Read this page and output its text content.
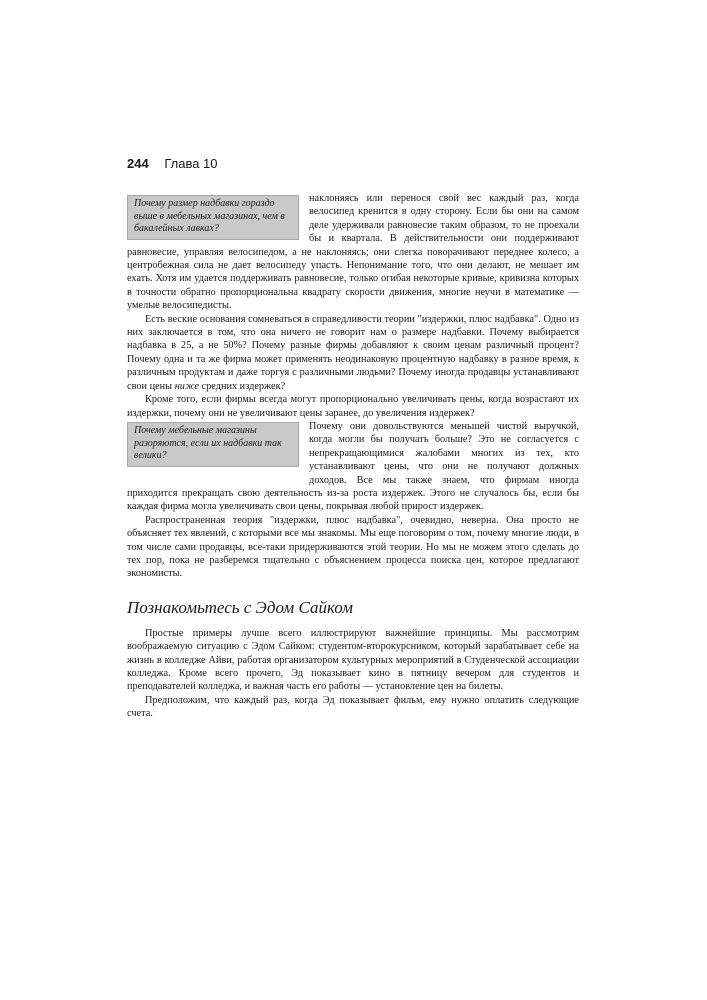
244 Глава 10
Почему размер надбавки гораздо выше в мебельных магазинах, чем в бакалейных лавках?

наклоняясь или перенося свой вес каждый раз, когда велосипед кренится в одну сторону. Если бы они на самом деле удерживали равновесие таким образом, то не проехали бы и квартала. В действительности они поддерживают равновесие, управляя велосипедом, а не наклоняясь; они слегка поворачивают переднее колесо, а центробежная сила не дает велосипеду упасть. Непонимание того, что они делают, не мешает им ехать. Хотя им удается поддерживать равновесие, только огибая некоторые кривые, кривизна которых в точности обратно пропорциональна квадрату скорости движения, многие неучи в математике — умелые велосипедисты.

Есть веские основания сомневаться в справедливости теории "издержки, плюс надбавка". Одно из них заключается в том, что она ничего не говорит нам о размере надбавки. Почему выбирается надбавка в 25, а не 50%? Почему разные фирмы добавляют к своим ценам различный процент? Почему одна и та же фирма может применять неодинаковую процентную надбавку в разное время, к различным продуктам и даже торгуя с различными людьми? Почему иногда продавцы устанавливают свои цены ниже средних издержек?

Кроме того, если фирмы всегда могут пропорционально увеличивать цены, когда возрастают их издержки, почему они не увеличивают цены заранее, до увеличения издержек?

Почему мебельные магазины разоряются, если их надбавки так велики?

Почему они довольствуются меньшей чистой выручкой, когда могли бы получать больше? Это не согласуется с непрекращающимися жалобами многих из тех, кто устанавливают цены, что они не получают должных доходов. Все мы также знаем, что фирмам иногда приходится прекращать свою деятельность из-за роста издержек. Этого не случалось бы, если бы каждая фирма могла увеличивать свои цены, покрывая любой прирост издержек.

Распространенная теория "издержки, плюс надбавка", очевидно, неверна. Она просто не объясняет тех явлений, с которыми все мы знакомы. Мы еще поговорим о том, почему многие люди, в том числе сами продавцы, все-таки придерживаются этой теории. Но мы не можем этого сделать до тех пор, пока не разберемся тщательно с объяснением процесса поиска цен, которое предлагают экономисты.

Познакомьтесь с Эдом Сайком

Простые примеры лучше всего иллюстрируют важнейшие принципы. Мы рассмотрим воображаемую ситуацию с Эдом Сайком: студентом-второкурсником, который зарабатывает себе на жизнь в колледже Айви, работая организатором культурных мероприятий в Студенческой ассоциации колледжа. Кроме всего прочего, Эд показывает кино в пятницу вечером для студентов и преподавателей колледжа, и важная часть его работы — установление цен на билеты.

Предположим, что каждый раз, когда Эд показывает фильм, ему нужно оплатить следующие счета.
